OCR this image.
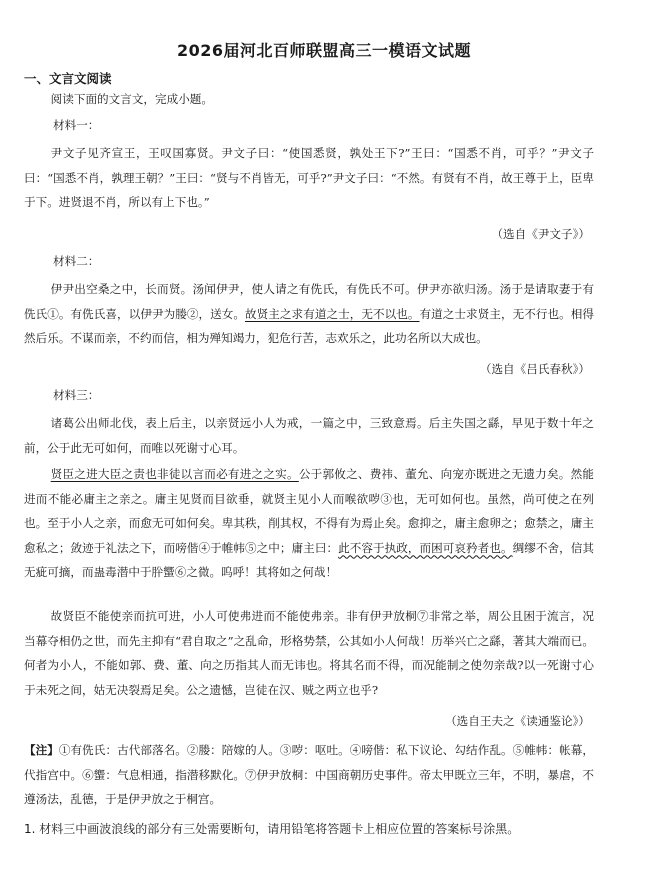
2026届河北百师联盟高三一模语文试题
一、文言文阅读
阅读下面的文言文，完成小题。
材料一：
尹文子见齐宣王，王叹国寡贤。尹文子曰：“使国悉贤，孰处王下?”王曰：“国悉不肖，可乎？”尹文子曰：“国悉不肖，孰理王朝？”王曰：“贤与不肖皆无，可乎?”尹文子曰：“不然。有贤有不肖，故王尊于上，臣卑于下。进贤退不肖，所以有上下也。”
（选自《尹文子》）
材料二：
伊尹出空桑之中，长而贤。汤闻伊尹，使人请之有侁氏，有侁氏不可。伊尹亦欲归汤。汤于是请取妻于有侁氏①。有侁氏喜，以伊尹为媵②，送女。故贤主之求有道之士，无不以也。有道之士求贤主，无不行也。相得然后乐。不谋而亲，不约而信，相为殚知竭力，犯危行苦，志欢乐之，此功名所以大成也。
（选自《吕氏春秋》）
材料三：
诸葛公出师北伐，表上后主，以亲贤远小人为戒，一篇之中，三致意焉。后主失国之繇，早见于数十年之前，公于此无可如何，而唯以死谢寸心耳。
贤臣之进大臣之责也非徒以言而必有进之之实。公于郭攸之、费祎、董允、向宠亦既进之无遗力矣。然能进而不能必庸主之亲之。庸主见贤而目欲垂，就贤主见小人而喉欲哕③也，无可如何也。虽然，尚可使之在列也。至于小人之亲，而愈无可如何矣。卑其秩，削其权，不得有为焉止矣。愈抑之，庸主愈卵之；愈禁之，庸主愈私之；敛迹于礼法之下，而嗙偕④于帷帏⑤之中；庸主曰：此不容于执政，而困可哀矜者也。绸缪不舍，信其无疵可摘，而蛊毒潜中于肸蠁⑥之微。呜呼！其将如之何哉！
故贤臣不能使亲而抗可进，小人可使弗进而不能使弗亲。非有伊尹放桐⑦非常之举，周公且困于流言，况当幕夺相仍之世，而先主抑有“君自取之”之乱命，形格势禁，公其如小人何哉！历举兴亡之繇，著其大端而已。何者为小人，不能如郭、费、董、向之历指其人而无讳也。将其名而不得，而况能制之使勿亲哉?以一死谢寸心于未死之间，姑无决裂焉足矣。公之遗憾，岂徒在汉、贼之两立也乎?
（选自王夫之《读通鉴论》）
【注】①有侁氏：古代部落名。②媵：陪嫁的人。③哕：呕吐。④嗙偕：私下议论、勾结作乱。⑤帷帏：帐幕，代指宫中。⑥蠁：气息相通，指潜移默化。⑦伊尹放桐：中国商朝历史事件。帝太甲既立三年，不明，暴虐，不遵汤法，乱德，于是伊尹放之于桐宫。
1. 材料三中画波浪线的部分有三处需要断句，请用铅笔将答题卡上相应位置的答案标号涂黑。
